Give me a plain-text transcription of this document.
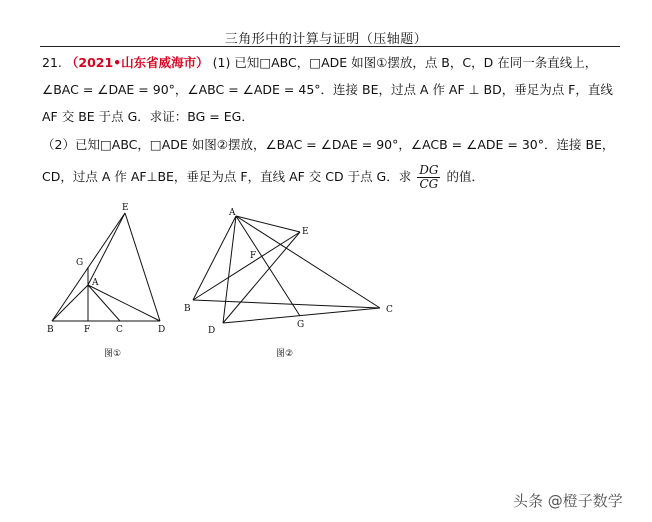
三角形中的计算与证明（压轴题）
21. （2021•山东省威海市） (1) 已知□ABC，□ADE 如图①摆放，点 B，C，D 在同一条直线上，
∠BAC = ∠DAE = 90°，∠ABC = ∠ADE = 45°．连接 BE，过点 A 作 AF ⊥ BD，垂足为点 F，直线
AF 交 BE 于点 G．求证：BG = EG．
（2）已知□ABC，□ADE 如图②摆放，∠BAC = ∠DAE = 90°，∠ACB = ∠ADE = 30°．连接 BE，
CD，过点 A 作 AF⊥BE，垂足为点 F，直线 AF 交 CD 于点 G．求 $\frac{DG}{CG}$ 的值．
E
G
A
B	F	C	D
图①
A
E
F
B	C
D
G
图②
头条 @橙子数学
